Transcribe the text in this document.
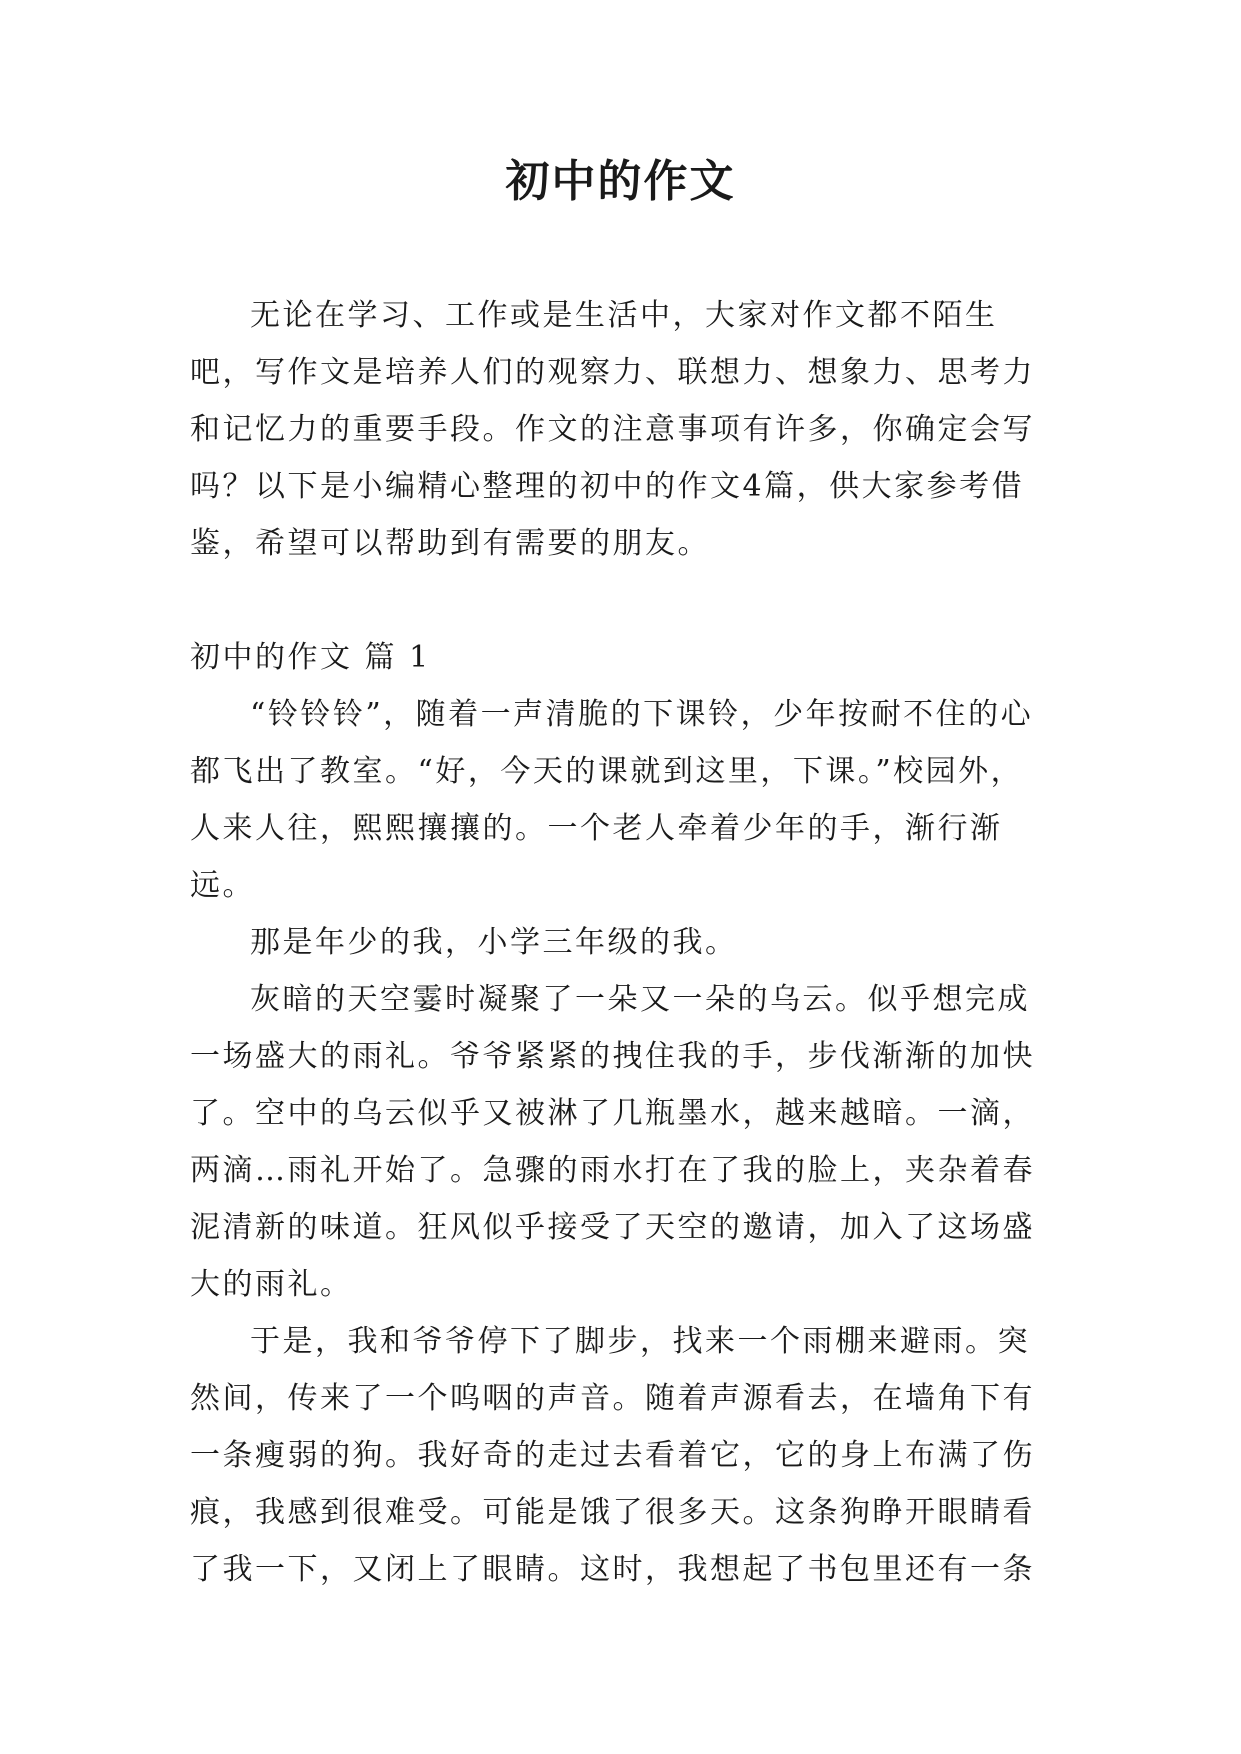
初中的作文

无论在学习、工作或是生活中，大家对作文都不陌生吧，写作文是培养人们的观察力、联想力、想象力、思考力和记忆力的重要手段。作文的注意事项有许多，你确定会写吗？以下是小编精心整理的初中的作文4篇，供大家参考借鉴，希望可以帮助到有需要的朋友。

初中的作文 篇 1

“铃铃铃”，随着一声清脆的下课铃，少年按耐不住的心都飞出了教室。“好，今天的课就到这里，下课。”校园外，人来人往，熙熙攘攘的。一个老人牵着少年的手，渐行渐远。

那是年少的我，小学三年级的我。

灰暗的天空霎时凝聚了一朵又一朵的乌云。似乎想完成一场盛大的雨礼。爷爷紧紧的拽住我的手，步伐渐渐的加快了。空中的乌云似乎又被淋了几瓶墨水，越来越暗。一滴，两滴…雨礼开始了。急骤的雨水打在了我的脸上，夹杂着春泥清新的味道。狂风似乎接受了天空的邀请，加入了这场盛大的雨礼。

于是，我和爷爷停下了脚步，找来一个雨棚来避雨。突然间，传来了一个呜咽的声音。随着声源看去，在墙角下有一条瘦弱的狗。我好奇的走过去看着它，它的身上布满了伤痕，我感到很难受。可能是饿了很多天。这条狗睁开眼睛看了我一下，又闭上了眼睛。这时，我想起了书包里还有一条
